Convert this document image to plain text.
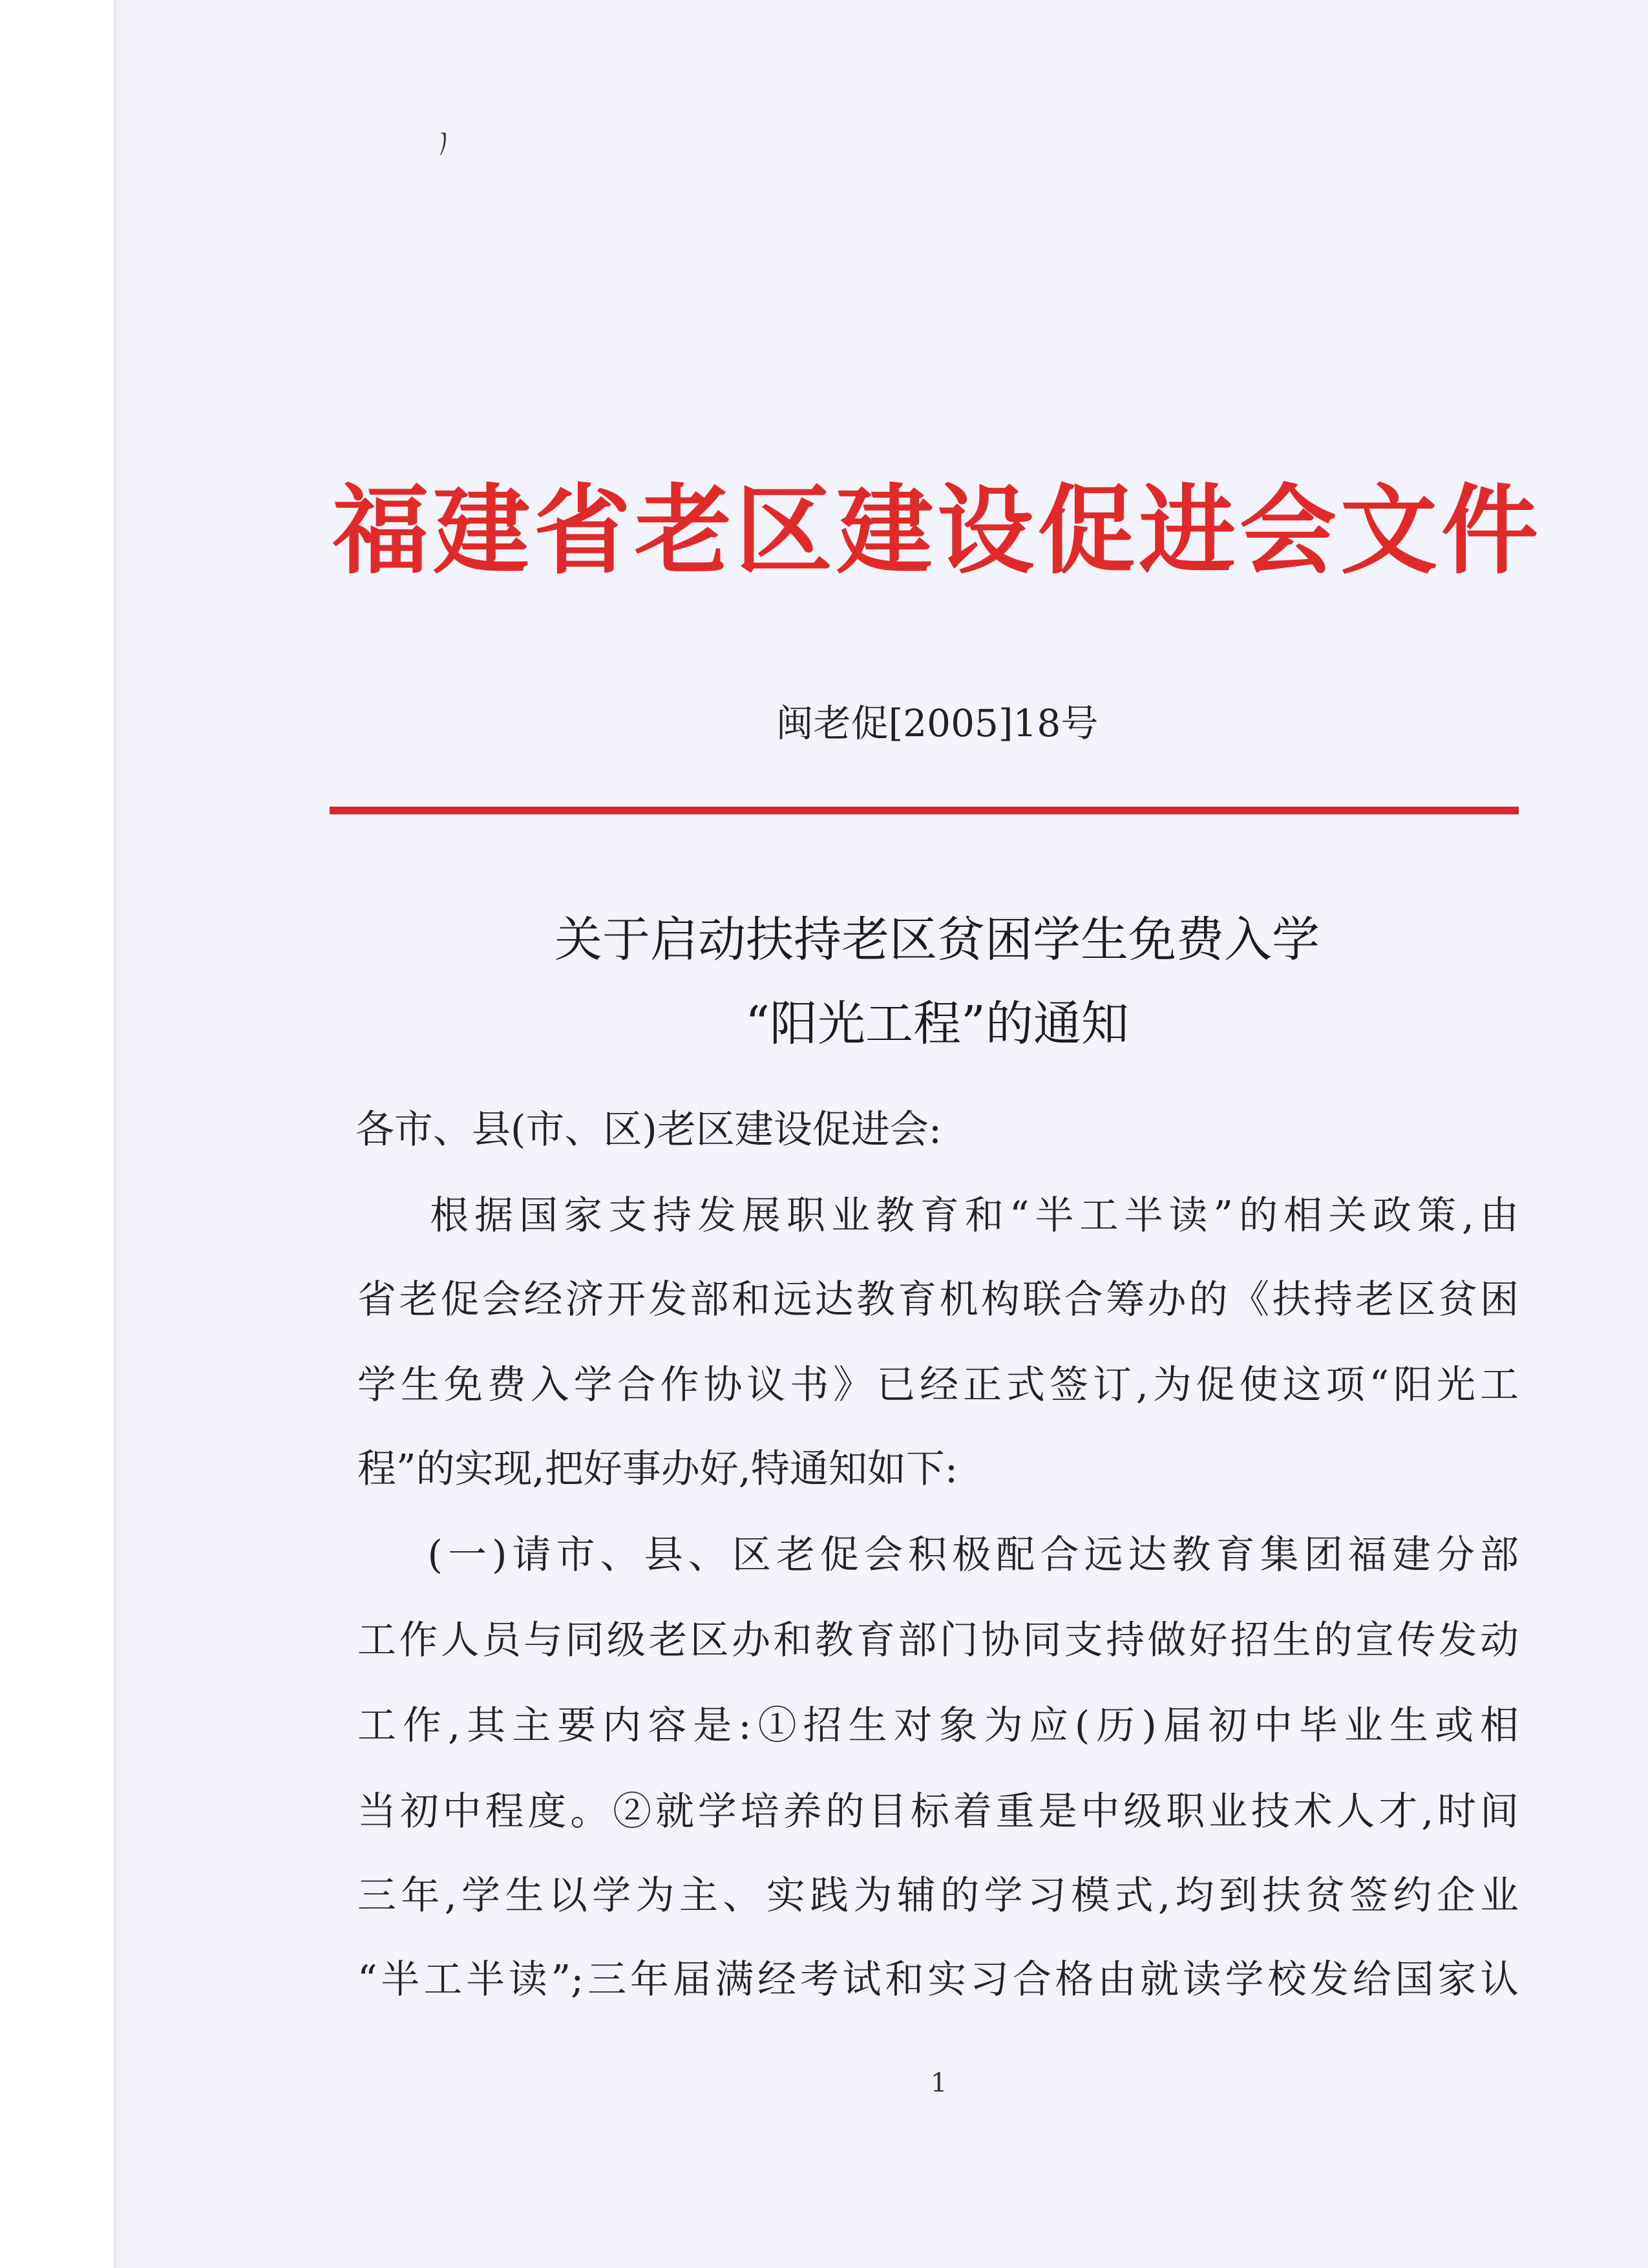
ノ
福建省老区建设促进会文件
闽老促[2005]18号
关于启动扶持老区贫困学生免费入学
“阳光工程”的通知
各市、县(市、区)老区建设促进会:
根据国家支持发展职业教育和“半工半读”的相关政策,由
省老促会经济开发部和远达教育机构联合筹办的《扶持老区贫困
学生免费入学合作协议书》已经正式签订,为促使这项“阳光工
程”的实现,把好事办好,特通知如下:
(一)请市、县、区老促会积极配合远达教育集团福建分部
工作人员与同级老区办和教育部门协同支持做好招生的宣传发动
工作,其主要内容是:①招生对象为应(历)届初中毕业生或相
当初中程度。②就学培养的目标着重是中级职业技术人才,时间
三年,学生以学为主、实践为辅的学习模式,均到扶贫签约企业
“半工半读”;三年届满经考试和实习合格由就读学校发给国家认
1
